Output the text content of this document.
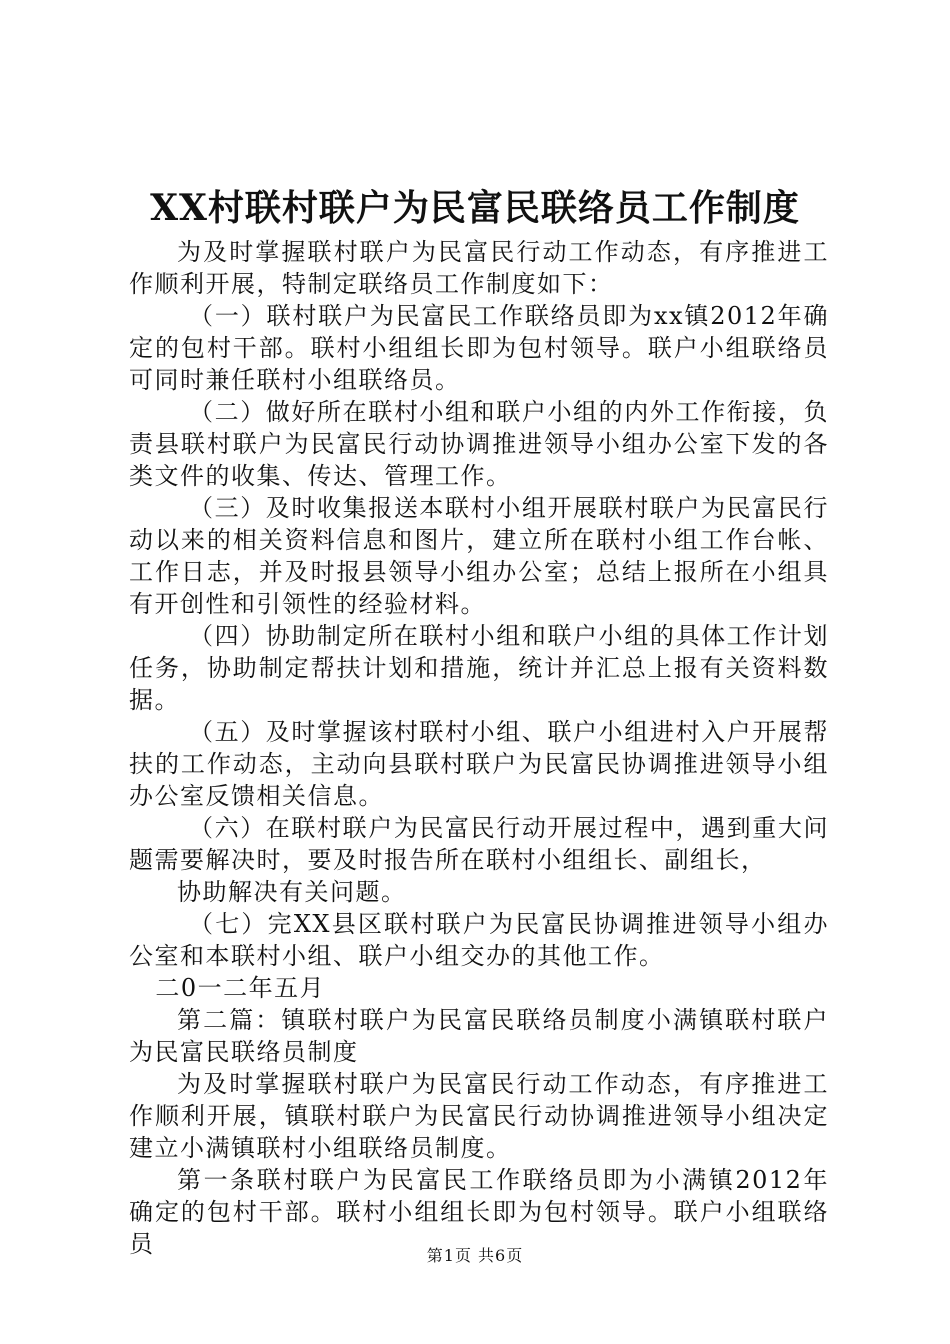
XX村联村联户为民富民联络员工作制度

为及时掌握联村联户为民富民行动工作动态，有序推进工作顺利开展，特制定联络员工作制度如下：

（一）联村联户为民富民工作联络员即为xx镇2012年确定的包村干部。联村小组组长即为包村领导。联户小组联络员可同时兼任联村小组联络员。

（二）做好所在联村小组和联户小组的内外工作衔接，负责县联村联户为民富民行动协调推进领导小组办公室下发的各类文件的收集、传达、管理工作。

（三）及时收集报送本联村小组开展联村联户为民富民行动以来的相关资料信息和图片，建立所在联村小组工作台帐、工作日志，并及时报县领导小组办公室；总结上报所在小组具有开创性和引领性的经验材料。

（四）协助制定所在联村小组和联户小组的具体工作计划任务，协助制定帮扶计划和措施，统计并汇总上报有关资料数据。

（五）及时掌握该村联村小组、联户小组进村入户开展帮扶的工作动态，主动向县联村联户为民富民协调推进领导小组办公室反馈相关信息。

（六）在联村联户为民富民行动开展过程中，遇到重大问题需要解决时，要及时报告所在联村小组组长、副组长，

协助解决有关问题。

（七）完XX县区联村联户为民富民协调推进领导小组办公室和本联村小组、联户小组交办的其他工作。

二0一二年五月

第二篇：镇联村联户为民富民联络员制度小满镇联村联户为民富民联络员制度

为及时掌握联村联户为民富民行动工作动态，有序推进工作顺利开展，镇联村联户为民富民行动协调推进领导小组决定建立小满镇联村小组联络员制度。

第一条联村联户为民富民工作联络员即为小满镇2012年确定的包村干部。联村小组组长即为包村领导。联户小组联络员	第1页 共6页
